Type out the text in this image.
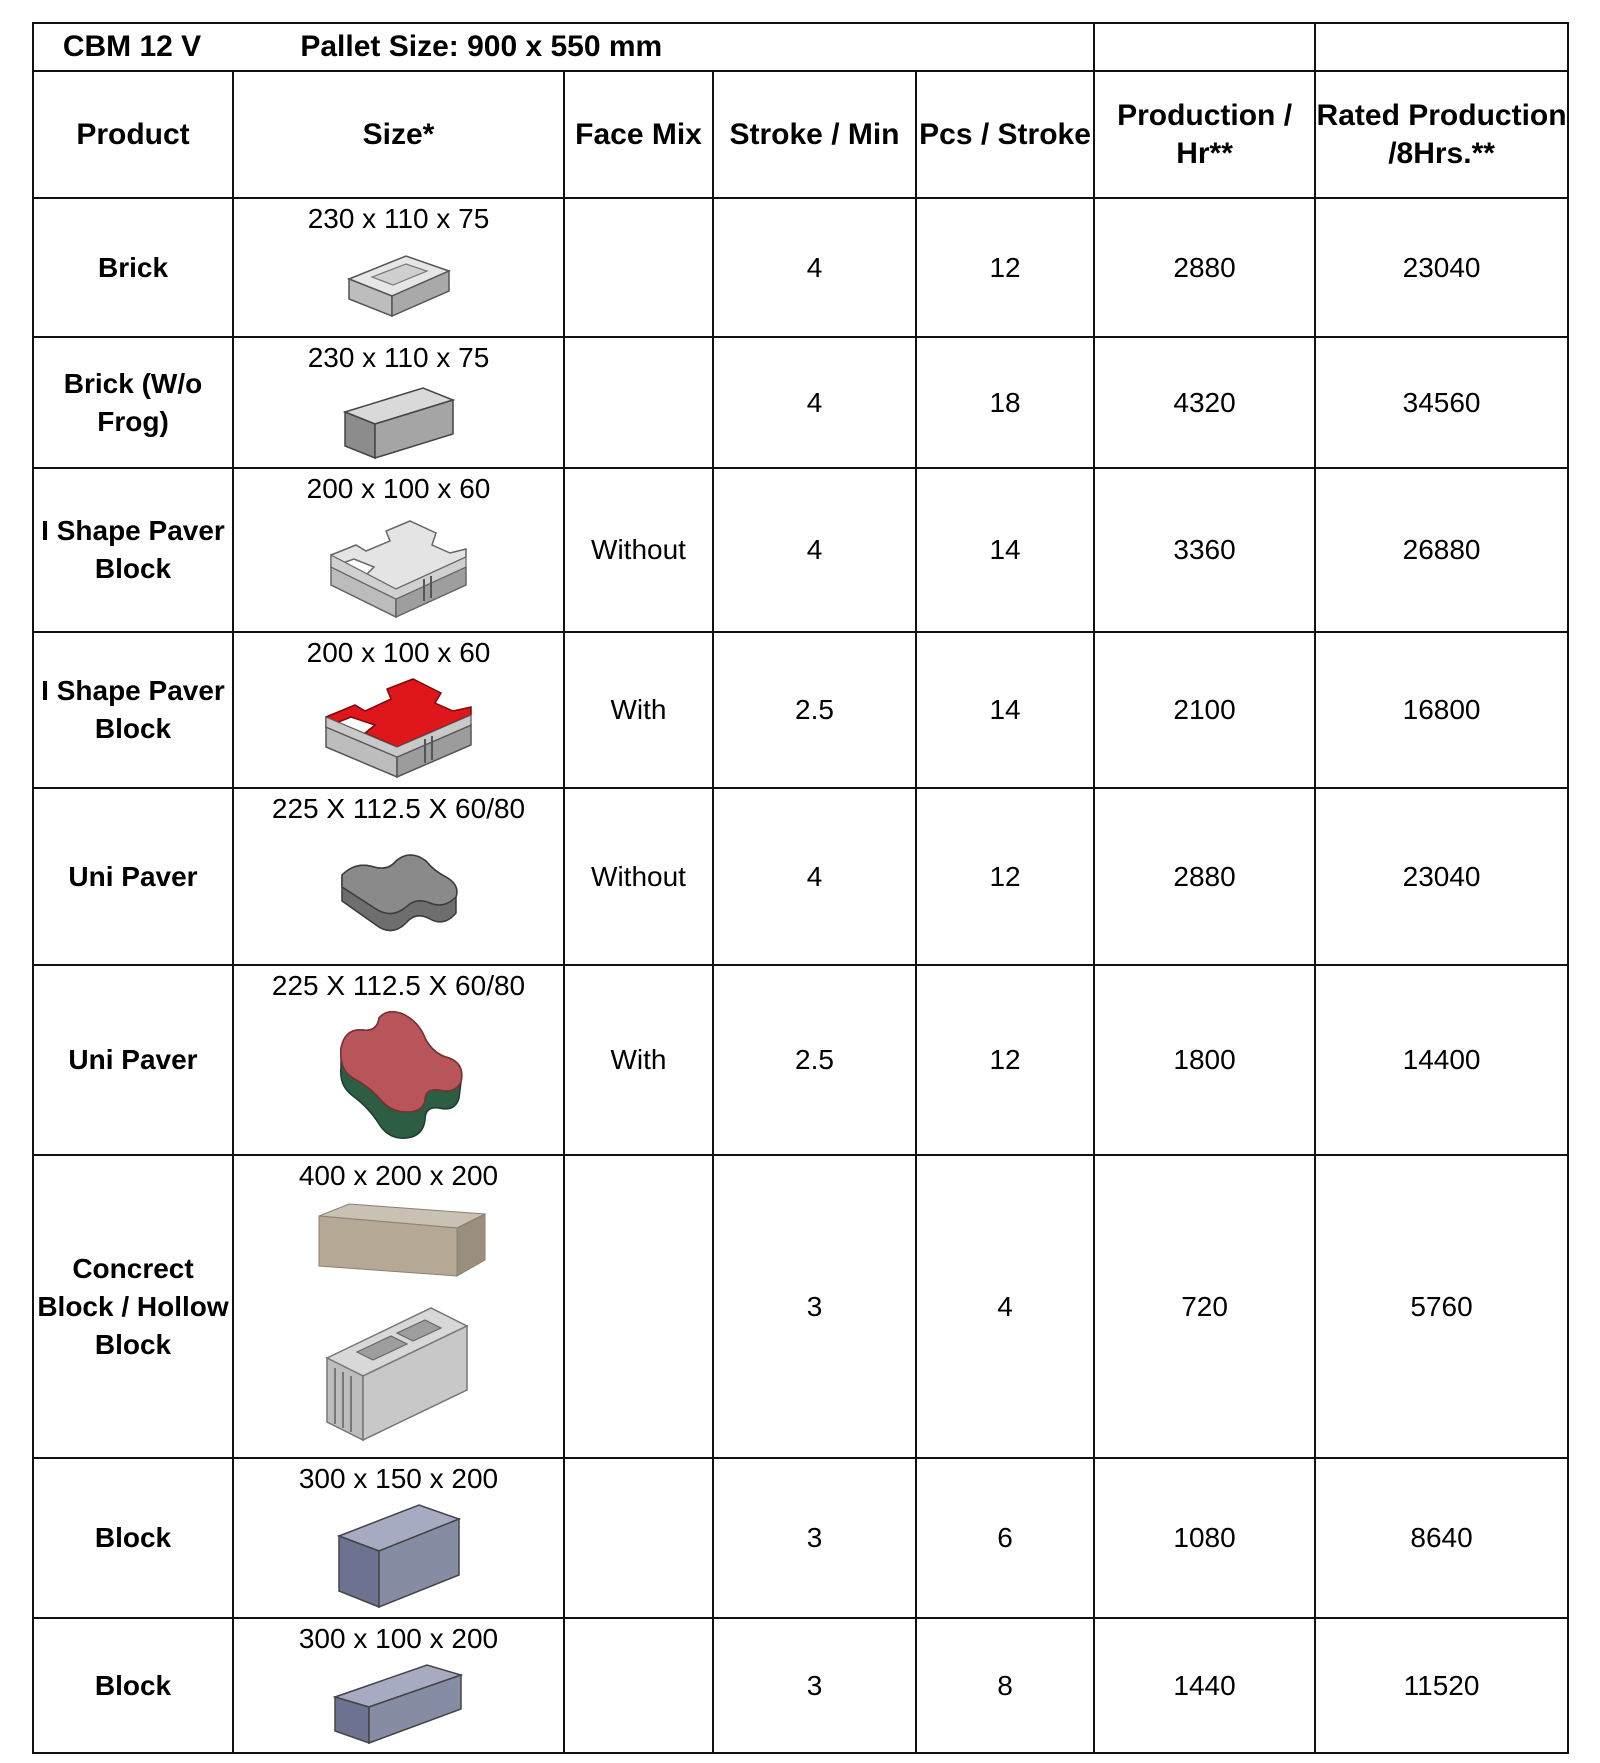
CBM 12 V Pallet Size: 900 x 550 mm						
Product	Size*	Face Mix	Stroke / Min	Pcs / Stroke	Production / Hr**	Rated Production /8Hrs.**
Brick	230 x 110 x 75		4	12	2880	23040
Brick (W/o Frog)	230 x 110 x 75		4	18	4320	34560
I Shape Paver Block	200 x 100 x 60	Without	4	14	3360	26880
I Shape Paver Block	200 x 100 x 60	With	2.5	14	2100	16800
Uni Paver	225 X 112.5 X 60/80	Without	4	12	2880	23040
Uni Paver	225 X 112.5 X 60/80	With	2.5	12	1800	14400
Concrect Block / Hollow Block	400 x 200 x 200		3	4	720	5760
Block	300 x 150 x 200		3	6	1080	8640
Block	300 x 100 x 200		3	8	1440	11520
